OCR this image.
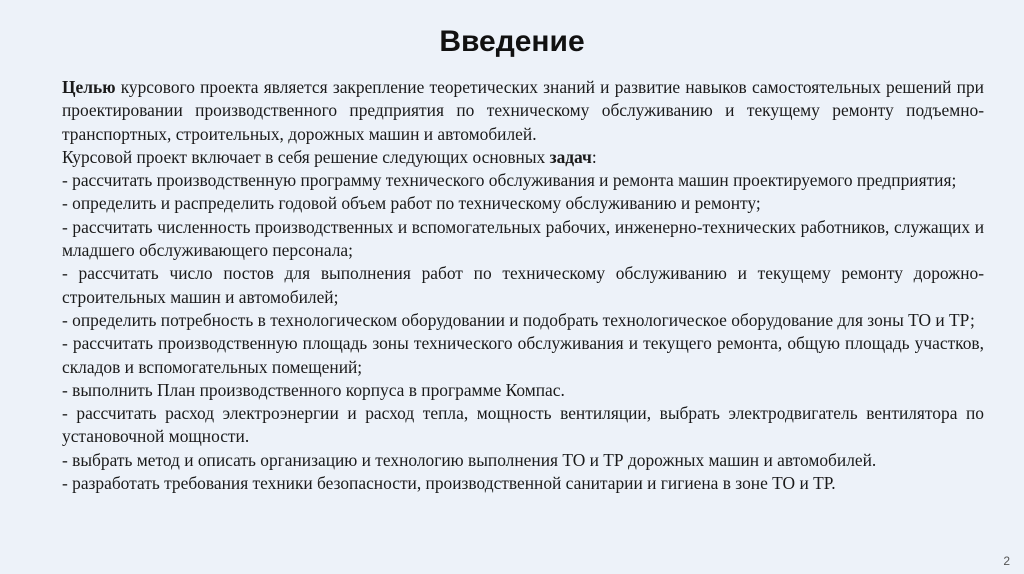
Введение

Целью курсового проекта является закрепление теоретических знаний и развитие навыков самостоятельных решений при проектировании производственного предприятия по техническому обслуживанию и текущему ремонту подъемно-транспортных, строительных, дорожных машин и автомобилей.

Курсовой проект включает в себя решение следующих основных задач:

- рассчитать производственную программу технического обслуживания и ремонта машин проектируемого предприятия;

- определить и распределить годовой объем работ по техническому обслуживанию и ремонту;

- рассчитать численность производственных и вспомогательных рабочих, инженерно-технических работников, служащих и младшего обслуживающего персонала;

- рассчитать число постов для выполнения работ по техническому обслуживанию и текущему ремонту дорожно-строительных машин и автомобилей;

- определить потребность в технологическом оборудовании и подобрать технологическое оборудование для зоны ТО и ТР;

- рассчитать производственную площадь зоны технического обслуживания и текущего ремонта, общую площадь участков, складов и вспомогательных помещений;

- выполнить План производственного корпуса в программе Компас.

- рассчитать расход электроэнергии и расход тепла, мощность вентиляции, выбрать электродвигатель вентилятора по установочной мощности.

- выбрать метод и описать организацию и технологию выполнения ТО и ТР дорожных машин и автомобилей.

- разработать требования техники безопасности, производственной санитарии и гигиена в зоне ТО и ТР.

2
